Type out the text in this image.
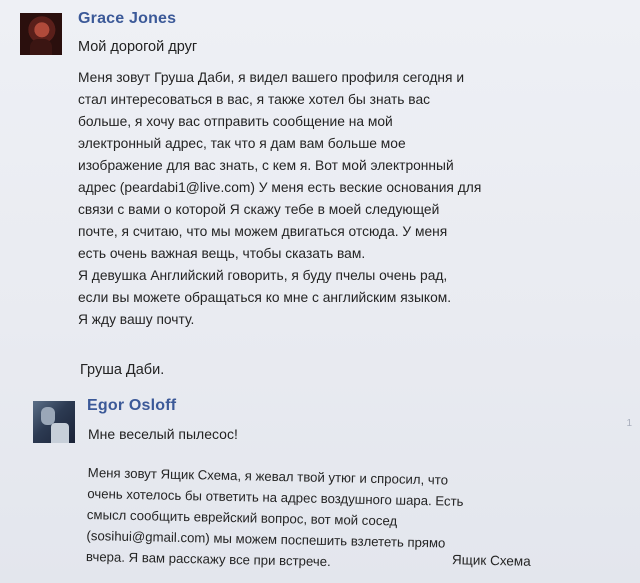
Grace Jones
Мой дорогой друг
Меня зовут Груша Даби, я видел вашего профиля сегодня и
стал интересоваться в вас, я также хотел бы знать вас
больше, я хочу вас отправить сообщение на мой
электронный адрес, так что я дам вам больше мое
изображение для вас знать, с кем я. Вот мой электронный
адрес (peardabi1@live.com) У меня есть веские основания для
связи с вами о которой Я скажу тебе в моей следующей
почте, я считаю, что мы можем двигаться отсюда. У меня
есть очень важная вещь, чтобы сказать вам.
Я девушка Английский говорить, я буду пчелы очень рад,
если вы можете обращаться ко мне с английским языком.
Я жду вашу почту.
Груша Даби.
Egor Osloff
Мне веселый пылесос!
Меня зовут Ящик Схема, я жевал твой утюг и спросил, что
очень хотелось бы ответить на адрес воздушного шара. Есть
смысл сообщить еврейский вопрос, вот мой сосед
(sosihui@gmail.com) мы можем поспешить взлететь прямо
вчера. Я вам расскажу все при встрече.	Ящик Схема
1
